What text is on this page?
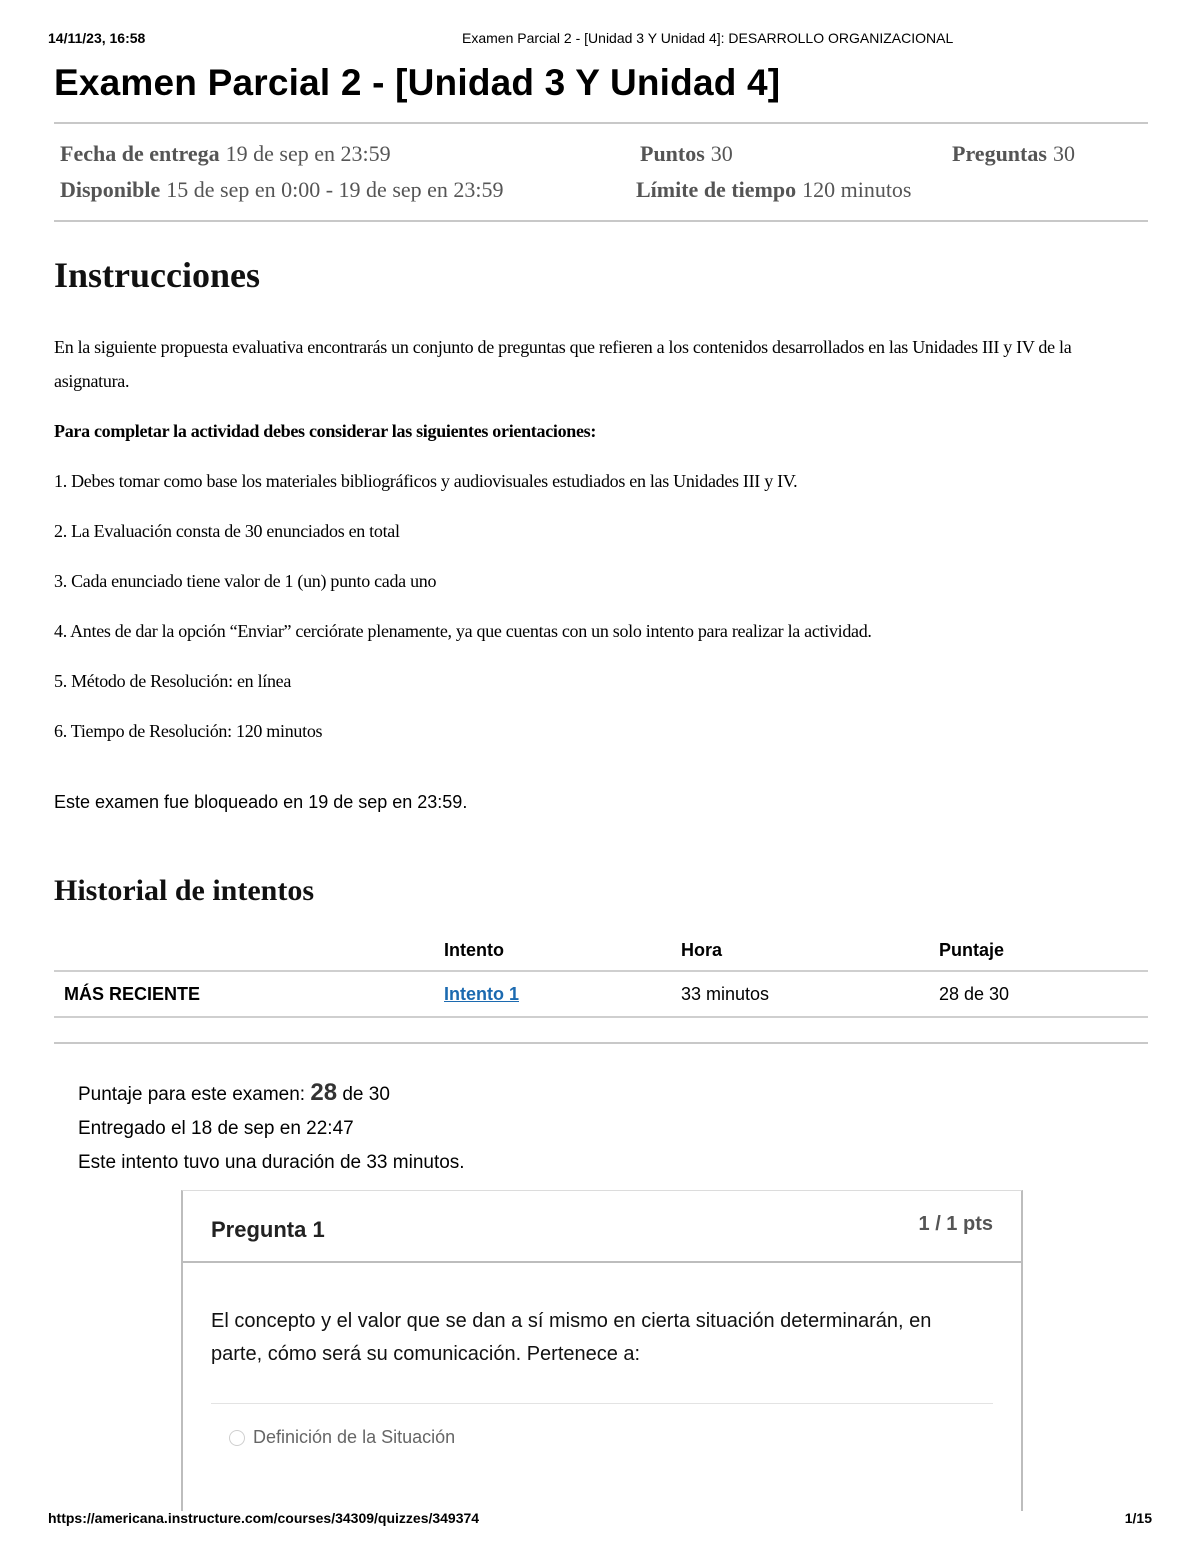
14/11/23, 16:58	Examen Parcial 2 - [Unidad 3 Y Unidad 4]: DESARROLLO ORGANIZACIONAL
Examen Parcial 2 - [Unidad 3 Y Unidad 4]
Fecha de entrega 19 de sep en 23:59	Puntos 30	Preguntas 30
Disponible 15 de sep en 0:00 - 19 de sep en 23:59	Límite de tiempo 120 minutos
Instrucciones

En la siguiente propuesta evaluativa encontrarás un conjunto de preguntas que refieren a los contenidos desarrollados en las Unidades III y IV de la asignatura.

Para completar la actividad debes considerar las siguientes orientaciones:

1. Debes tomar como base los materiales bibliográficos y audiovisuales estudiados en las Unidades III y IV.

2. La Evaluación consta de 30 enunciados en total

3. Cada enunciado tiene valor de 1 (un) punto cada uno

4. Antes de dar la opción “Enviar” cerciórate plenamente, ya que cuentas con un solo intento para realizar la actividad.

5. Método de Resolución: en línea

6. Tiempo de Resolución: 120 minutos

Este examen fue bloqueado en 19 de sep en 23:59.
Historial de intentos
	Intento	Hora	Puntaje
MÁS RECIENTE	Intento 1	33 minutos	28 de 30
Puntaje para este examen: 28 de 30
Entregado el 18 de sep en 22:47
Este intento tuvo una duración de 33 minutos.
Pregunta 1	1 / 1 pts
El concepto y el valor que se dan a sí mismo en cierta situación determinarán, en parte, cómo será su comunicación. Pertenece a:
Definición de la Situación
https://americana.instructure.com/courses/34309/quizzes/349374	1/15
